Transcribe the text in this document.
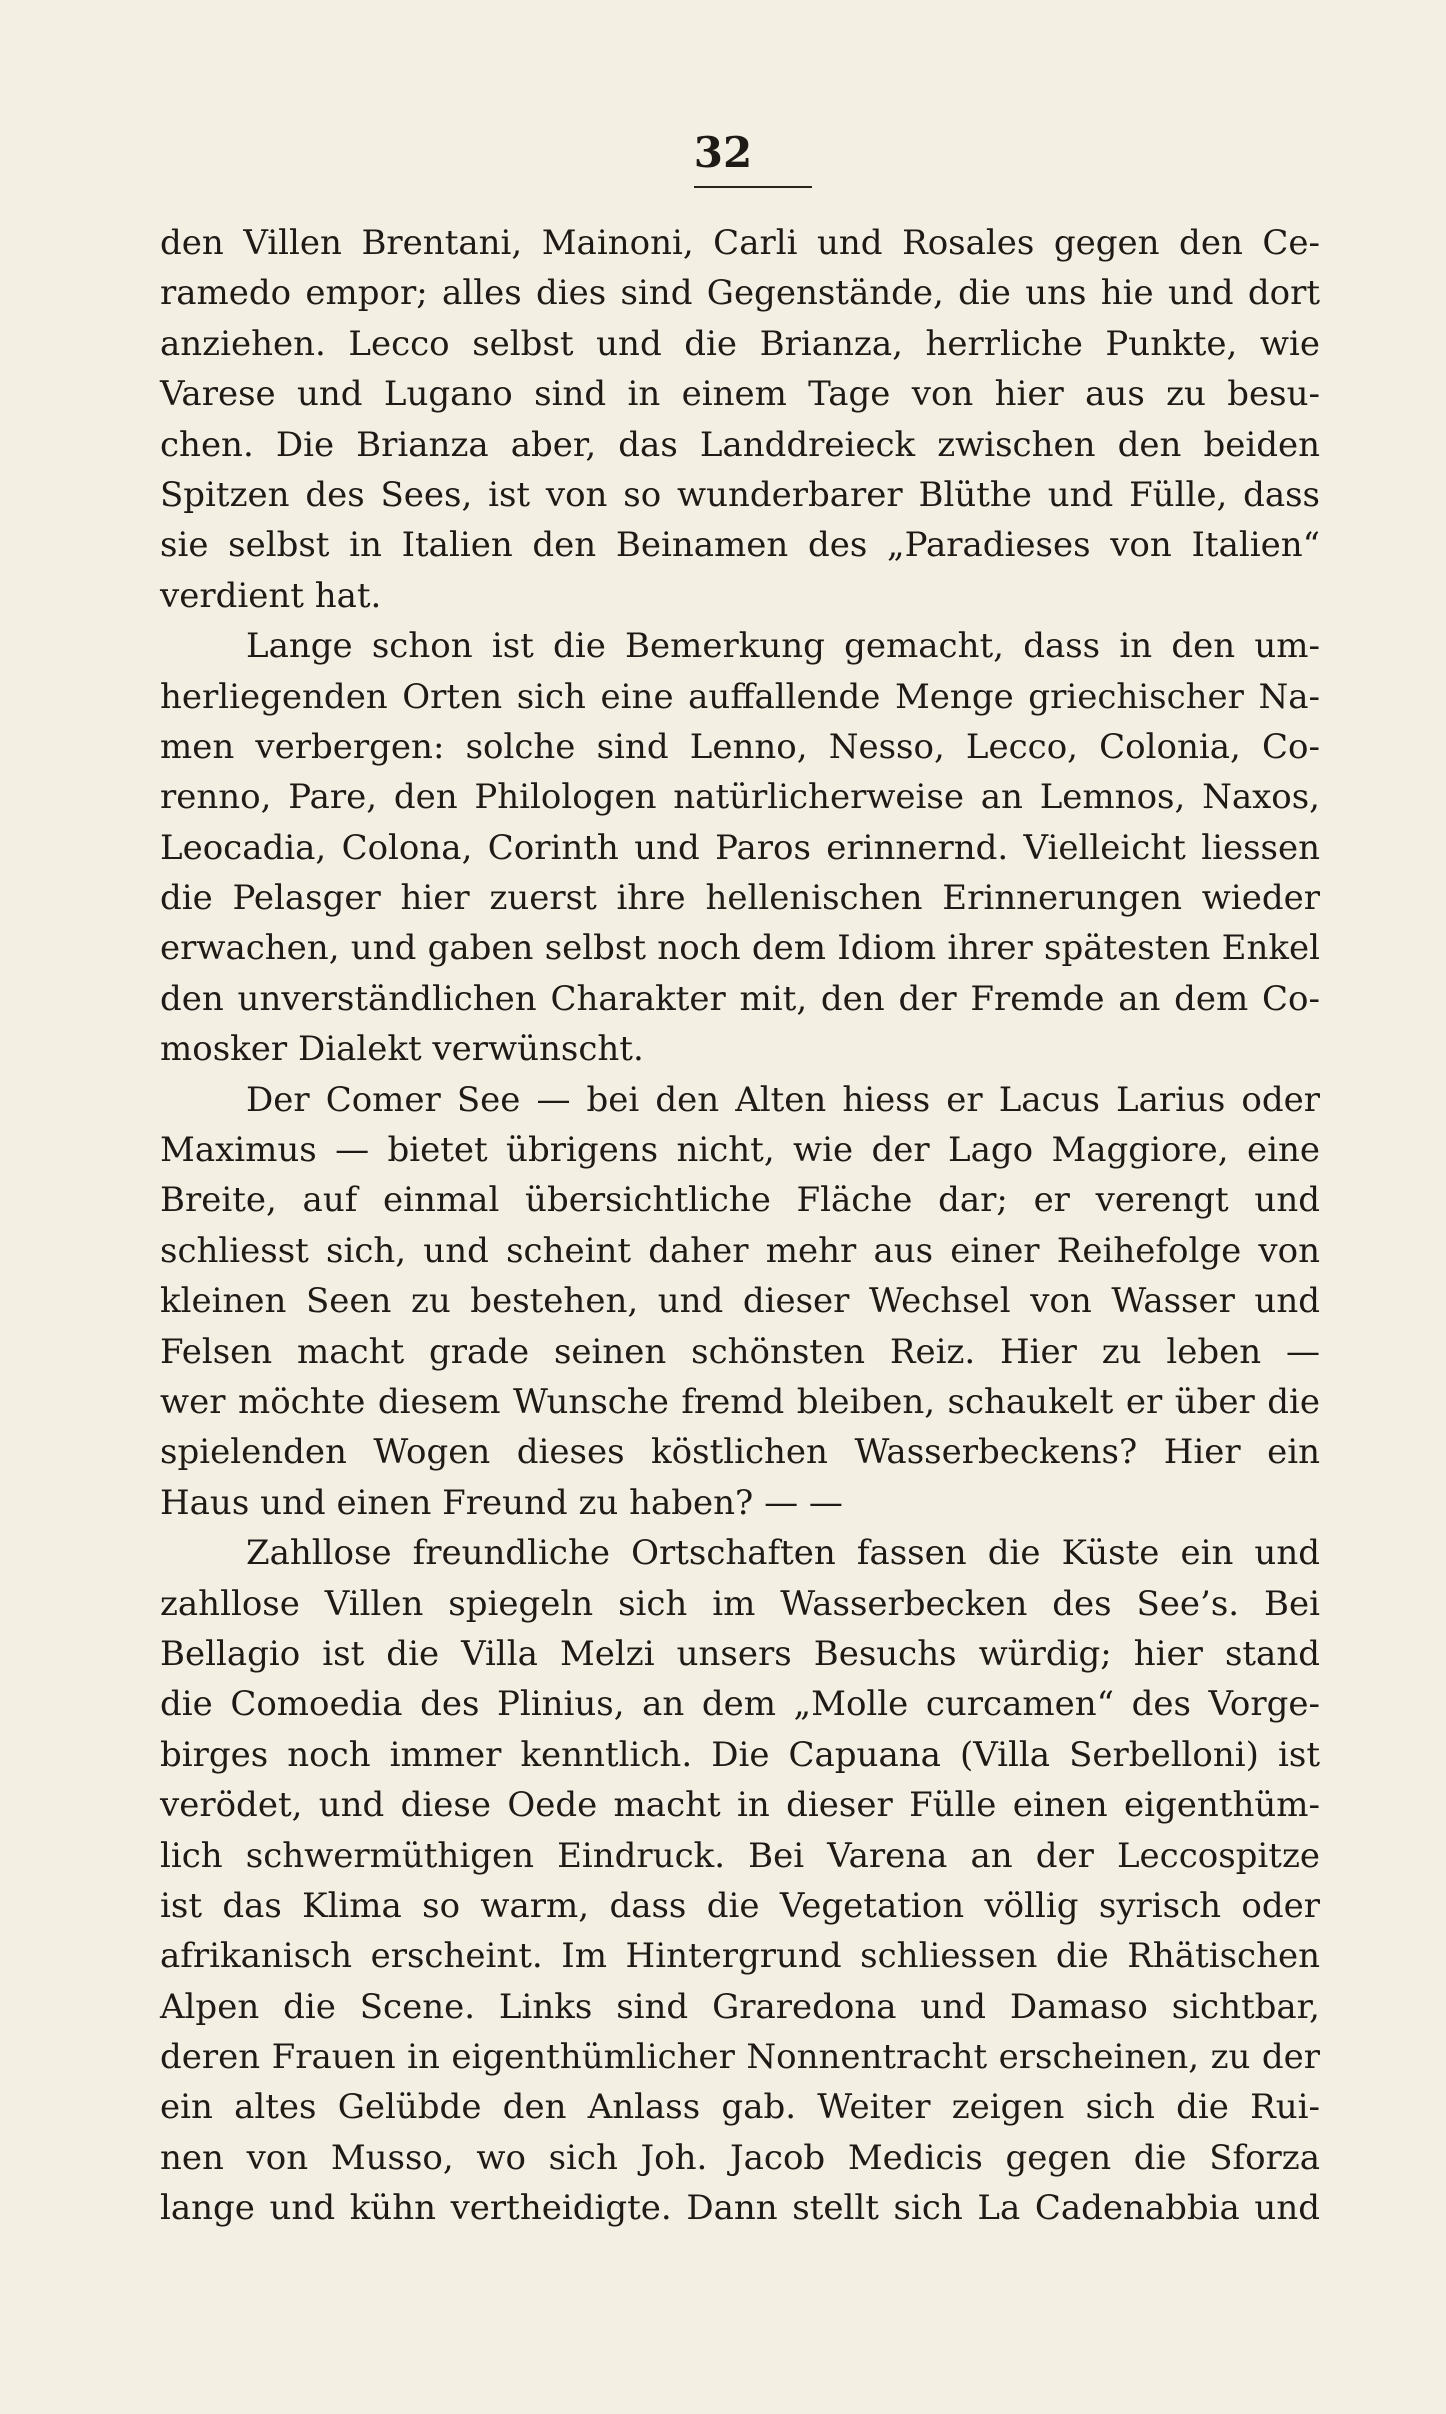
32
den Villen Brentani, Mainoni, Carli und Rosales gegen den Ce-
ramedo empor; alles dies sind Gegenstände, die uns hie und dort
anziehen. Lecco selbst und die Brianza, herrliche Punkte, wie
Varese und Lugano sind in einem Tage von hier aus zu besu-
chen. Die Brianza aber, das Landdreieck zwischen den beiden
Spitzen des Sees, ist von so wunderbarer Blüthe und Fülle, dass
sie selbst in Italien den Beinamen des „Paradieses von Italien“
verdient hat.
Lange schon ist die Bemerkung gemacht, dass in den um-
herliegenden Orten sich eine auffallende Menge griechischer Na-
men verbergen: solche sind Lenno, Nesso, Lecco, Colonia, Co-
renno, Pare, den Philologen natürlicherweise an Lemnos, Naxos,
Leocadia, Colona, Corinth und Paros erinnernd. Vielleicht liessen
die Pelasger hier zuerst ihre hellenischen Erinnerungen wieder
erwachen, und gaben selbst noch dem Idiom ihrer spätesten Enkel
den unverständlichen Charakter mit, den der Fremde an dem Co-
mosker Dialekt verwünscht.
Der Comer See — bei den Alten hiess er Lacus Larius oder
Maximus — bietet übrigens nicht, wie der Lago Maggiore, eine
Breite, auf einmal übersichtliche Fläche dar; er verengt und
schliesst sich, und scheint daher mehr aus einer Reihefolge von
kleinen Seen zu bestehen, und dieser Wechsel von Wasser und
Felsen macht grade seinen schönsten Reiz. Hier zu leben —
wer möchte diesem Wunsche fremd bleiben, schaukelt er über die
spielenden Wogen dieses köstlichen Wasserbeckens? Hier ein
Haus und einen Freund zu haben? — —
Zahllose freundliche Ortschaften fassen die Küste ein und
zahllose Villen spiegeln sich im Wasserbecken des See’s. Bei
Bellagio ist die Villa Melzi unsers Besuchs würdig; hier stand
die Comoedia des Plinius, an dem „Molle curcamen“ des Vorge-
birges noch immer kenntlich. Die Capuana (Villa Serbelloni) ist
verödet, und diese Oede macht in dieser Fülle einen eigenthüm-
lich schwermüthigen Eindruck. Bei Varena an der Leccospitze
ist das Klima so warm, dass die Vegetation völlig syrisch oder
afrikanisch erscheint. Im Hintergrund schliessen die Rhätischen
Alpen die Scene. Links sind Graredona und Damaso sichtbar,
deren Frauen in eigenthümlicher Nonnentracht erscheinen, zu der
ein altes Gelübde den Anlass gab. Weiter zeigen sich die Rui-
nen von Musso, wo sich Joh. Jacob Medicis gegen die Sforza
lange und kühn vertheidigte. Dann stellt sich La Cadenabbia und
